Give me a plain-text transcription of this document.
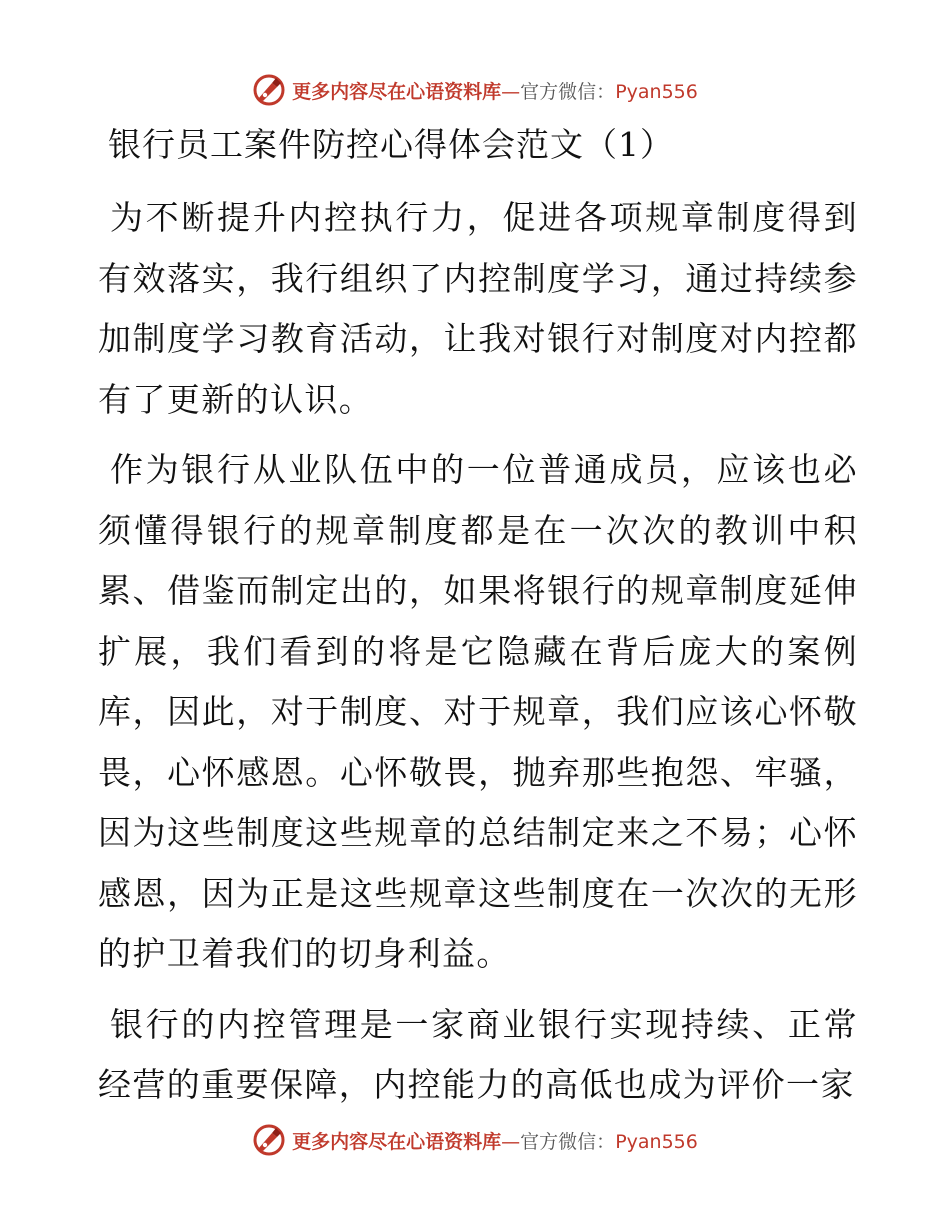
更多内容尽在心语资料库—官方微信：Pyan556
银行员工案件防控心得体会范文（1）

为不断提升内控执行力，促进各项规章制度得到有效落实，我行组织了内控制度学习，通过持续参加制度学习教育活动，让我对银行对制度对内控都有了更新的认识。

作为银行从业队伍中的一位普通成员，应该也必须懂得银行的规章制度都是在一次次的教训中积累、借鉴而制定出的，如果将银行的规章制度延伸扩展，我们看到的将是它隐藏在背后庞大的案例库，因此，对于制度、对于规章，我们应该心怀敬畏，心怀感恩。心怀敬畏，抛弃那些抱怨、牢骚，因为这些制度这些规章的总结制定来之不易；心怀感恩，因为正是这些规章这些制度在一次次的无形的护卫着我们的切身利益。

银行的内控管理是一家商业银行实现持续、正常经营的重要保障，内控能力的高低也成为评价一家

更多内容尽在心语资料库—官方微信：Pyan556
